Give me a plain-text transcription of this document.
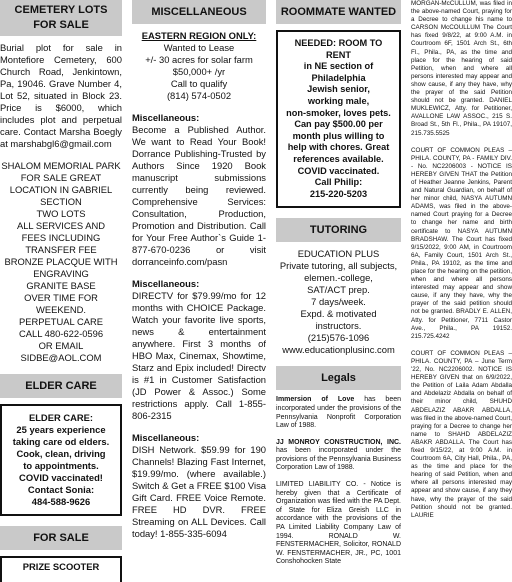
CEMETERY LOTS
FOR SALE

Burial plot for sale in Montefiore Cemetery, 600 Church Road, Jenkintown, Pa, 19046. Grave Number 4, Lot 52, situated in Block 23. Price is $6000, which includes plot and perpetual care. Contact Marsha Boegly at marshabgl6@gmail.com

SHALOM MEMORIAL PARK
FOR SALE GREAT
LOCATION IN GABRIEL
SECTION
TWO LOTS
ALL SERVICES AND
FEES INCLUDING
TRANSFER FEE
BRONZE PLACQUE WITH
ENGRAVING
GRANITE BASE
OVER TIME FOR
WEEKEND.
PERPETUAL CARE
CALL 480-622-0596
OR EMAIL
SIDBE@AOL.COM
ELDER CARE
ELDER CARE:
25 years experience
taking care od elders.
Cook, clean, driving
to appointments.
COVID vaccinated!
Contact Sonia:
484-588-9626
FOR SALE
PRIZE SCOOTER
MISCELLANEOUS
EASTERN REGION ONLY:
Wanted to Lease
+/- 30 acres for solar farm
$50,000+ /yr
Call to qualify
(814) 574-0502
Miscellaneous:
Become a Published Author. We want to Read Your Book! Dorrance Publishing-Trusted by Authors Since 1920 Book manuscript submissions currently being reviewed. Comprehensive Services: Consultation, Production, Promotion and Distribution. Call for Your Free Author`s Guide 1-877-670-0236 or visit dorranceinfo.com/pasn
Miscellaneous:
DIRECTV for $79.99/mo for 12 months with CHOICE Package. Watch your favorite live sports, news & entertainment anywhere. First 3 months of HBO Max, Cinemax, Showtime, Starz and Epix included! Directv is #1 in Customer Satisfaction (JD Power & Assoc.) Some restrictions apply. Call 1-855-806-2315
Miscellaneous:
DISH Network. $59.99 for 190 Channels! Blazing Fast Internet, $19.99/mo. (where available.) Switch & Get a FREE $100 Visa Gift Card. FREE Voice Remote. FREE HD DVR. FREE Streaming on ALL Devices. Call today! 1-855-335-6094
ROOMMATE WANTED
NEEDED: ROOM TO RENT
in NE section of
Philadelphia
Jewish senior,
working male,
non-smoker, loves pets.
Can pay $500.00 per
month plus willing to
help with chores. Great
references available.
COVID vaccinated.
Call Philip:
215-220-5203
TUTORING
EDUCATION PLUS
Private tutoring, all subjects,
elemen.-college,
SAT/ACT prep.
7 days/week.
Expd. & motivated
instructors.
(215)576-1096
www.educationplusinc.com
Legals

Immersion of Love has been incorporated under the provisions of the Pennsylvania Nonprofit Corporation Law of 1988.

JJ MONROY CONSTRUCTION, INC. has been incorporated under the provisions of the Pennsylvania Business Corporation Law of 1988.

LIMITED LIABILITY CO. - Notice is hereby given that a Certificate of Organization was filed with the PA Dept. of State for Eliza Greish LLC in accordance with the provisions of the PA Limited Liability Company Law of 1994. RONALD W. FENSTERMACHER, Solicitor, RONALD W. FENSTERMACHER, JR., PC, 1001 Conshohocken State

MORGAN-McCULLUM, was filed in the above-named Court, praying for a Decree to change his name to CARSON McCOULLUM The Court has fixed 9/8/22, at 9:00 A.M. in Courtroom 6F, 1501 Arch St., 6th Fl., Phila., PA, as the time and place for the hearing of said Petition, when and where all persons interested may appear and show cause, if any they have, why the prayer of the said Petition should not be granted. DANIEL MUKLEWICZ, Atty. for Petitioner, AVALLONE LAW ASSOC., 215 S. Broad St., 5th Fl., Phila., PA 19107, 215.735.5525

COURT OF COMMON PLEAS – PHILA. COUNTY, PA - FAMILY DIV. - No. NC2206003 - NOTICE IS HEREBY GIVEN THAT the Petition of Heather Jeanne Jenkins, Parent and Natural Guardian, on behalf of her minor child, NASYA AUTUMN ADAMS, was filed in the above-named Court praying for a Decree to change her name and birth certificate to NASYA AUTUMN BRADSHAW. The Court has fixed 9/15/2022, 9:00 AM, in Courtroom 6A, Family Court, 1501 Arch St., Phila., PA 19102, as the time and place for the hearing on the petition, when and where all persons interested may appear and show cause, if any they have, why the prayer of the said petition should not be granted. BRADLY E. ALLEN, Atty. for Petitioner, 7711 Castor Ave., Phila., PA 19152. 215.725.4242

COURT OF COMMON PLEAS – PHILA. COUNTY, PA – June Term '22, No. NC2206002. NOTICE IS HEREBY GIVEN that on 6/9/2022, the Petition of Laila Adam Abdalla and Abdelaziz Abdalla on behalf of their minor child, SHUHD ABDELAZIZ ABAKR ABDALLA, was filed in the above-named Court, praying for a Decree to change her name to SHAHD ABDELAZIZ ABAKR ABDALLA. The Court has fixed 9/15/22, at 9:00 A.M. in Courtroom 6A, City Hall, Phila., PA, as the time and place for the hearing of said Petition, when and where all persons interested may appear and show cause, if any they have, why the prayer of the said Petition should not be granted. LAURIE
